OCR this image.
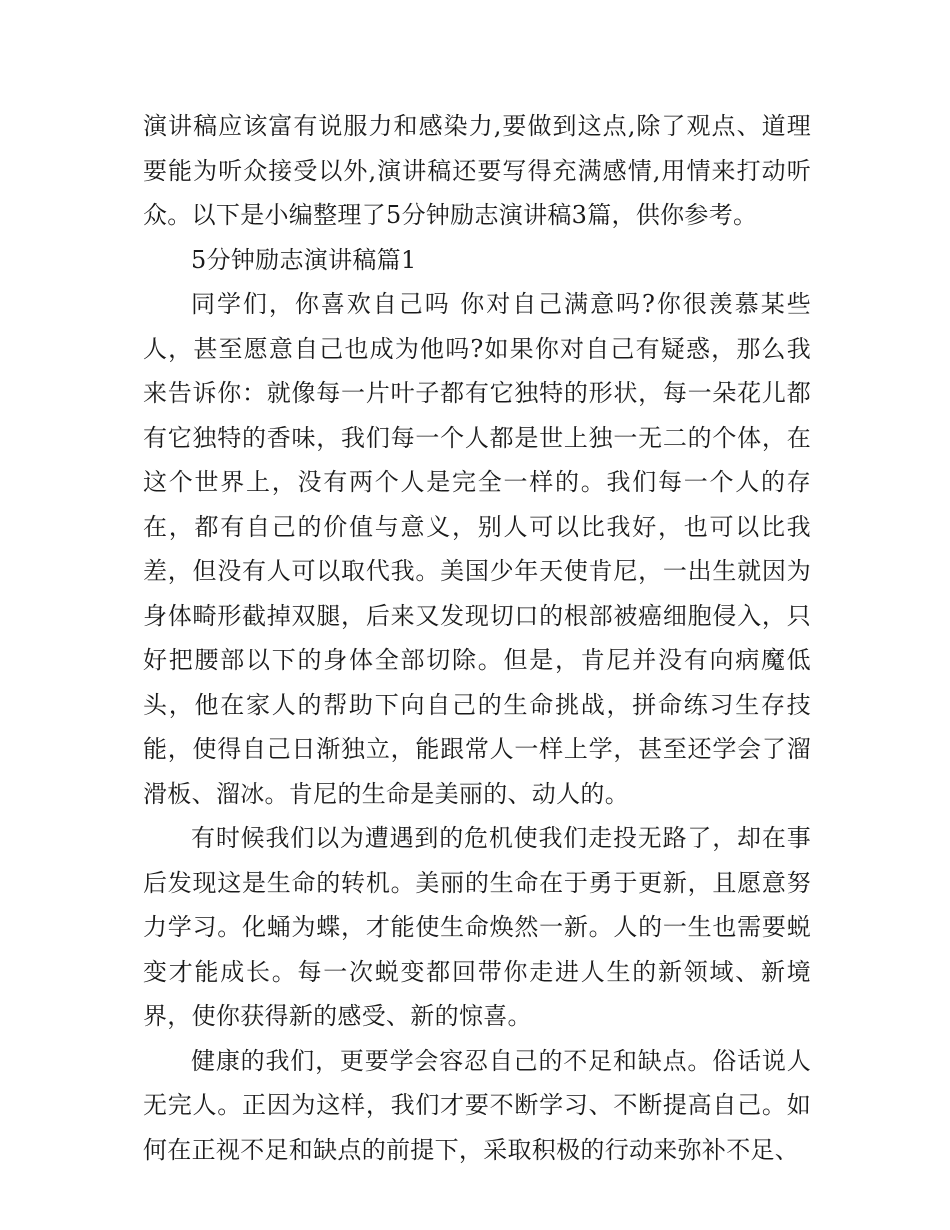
演讲稿应该富有说服力和感染力,要做到这点,除了观点、道理要能为听众接受以外,演讲稿还要写得充满感情,用情来打动听众。以下是小编整理了5分钟励志演讲稿3篇，供你参考。

5分钟励志演讲稿篇1

同学们，你喜欢自己吗 你对自己满意吗?你很羡慕某些人，甚至愿意自己也成为他吗?如果你对自己有疑惑，那么我来告诉你：就像每一片叶子都有它独特的形状，每一朵花儿都有它独特的香味，我们每一个人都是世上独一无二的个体，在这个世界上，没有两个人是完全一样的。我们每一个人的存在，都有自己的价值与意义，别人可以比我好，也可以比我差，但没有人可以取代我。美国少年天使肯尼，一出生就因为身体畸形截掉双腿，后来又发现切口的根部被癌细胞侵入，只好把腰部以下的身体全部切除。但是，肯尼并没有向病魔低头，他在家人的帮助下向自己的生命挑战，拼命练习生存技能，使得自己日渐独立，能跟常人一样上学，甚至还学会了溜滑板、溜冰。肯尼的生命是美丽的、动人的。

有时候我们以为遭遇到的危机使我们走投无路了，却在事后发现这是生命的转机。美丽的生命在于勇于更新，且愿意努力学习。化蛹为蝶，才能使生命焕然一新。人的一生也需要蜕变才能成长。每一次蜕变都回带你走进人生的新领域、新境界，使你获得新的感受、新的惊喜。

健康的我们，更要学会容忍自己的不足和缺点。俗话说人无完人。正因为这样，我们才要不断学习、不断提高自己。如何在正视不足和缺点的前提下，采取积极的行动来弥补不足、
